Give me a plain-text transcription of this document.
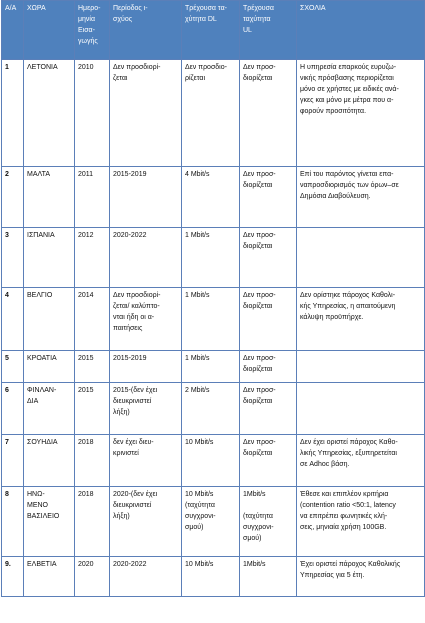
Α/Α	ΧΩΡΑ	Ημερο-
μηνία
Εισα-
γωγής	Περίοδος ι-
σχύος	Τρέχουσα τα-
χύτητα DL	Τρέχουσα
ταχύτητα
UL	ΣΧΟΛΙΑ
1	ΛΕΤΟΝΙΑ	2010	Δεν προσδιορί-
ζεται	Δεν προσδιο-
ρίζεται	Δεν προσ-
διορίζεται	Η υπηρεσία επαρκούς ευρυζω-
νικής πρόσβασης περιορίζεται
μόνο σε χρήστες με ειδικές ανά-
γκες και μόνο με μέτρα που α-
φορούν προσιτότητα.
2	ΜΑΛΤΑ	2011	2015-2019	4 Mbit/s	Δεν προσ-
διορίζεται	Επί του παρόντος γίνεται επα-
ναπροσδιορισμός των όρων–σε
Δημόσια Διαβούλευση.
3	ΙΣΠΑΝΙΑ	2012	2020-2022	1 Mbit/s	Δεν προσ-
διορίζεται	
4	ΒΕΛΓΙΟ	2014	Δεν προσδιορί-
ζεται/ καλύπτο-
νται ήδη οι α-
παιτήσεις	1 Mbit/s	Δεν προσ-
διορίζεται	Δεν ορίστηκε πάροχος Καθολι-
κής Υπηρεσίας, η απαιτούμενη
κάλυψη προϋπήρχε.
5	ΚΡΟΑΤΙΑ	2015	2015-2019	1 Mbit/s	Δεν προσ-
διορίζεται	
6	ΦΙΝΛΑΝ-
ΔΙΑ	2015	2015-(δεν έχει
διευκρινιστεί
λήξη)	2 Mbit/s	Δεν προσ-
διορίζεται	
7	ΣΟΥΗΔΙΑ	2018	δεν έχει διευ-
κρινιστεί	10 Mbit/s	Δεν προσ-
διορίζεται	Δεν έχει οριστεί πάροχος Καθο-
λικής Υπηρεσίας, εξυπηρετείται
σε Adhoc βάση.
8	ΗΝΩ-
ΜΕΝΟ
ΒΑΣΙΛΕΙΟ	2018	2020-(δεν έχει
διευκρινιστεί
λήξη)	10 Mbit/s
(ταχύτητα
συγχρονι-
σμού)	1Mbit/s

(ταχύτητα
συγχρονι-
σμού)	Έθεσε και επιπλέον κριτήρια
(contention ratio <50:1, latency
να επιτρέπει φωνητικές κλή-
σεις, μηνιαία χρήση 100GB.
9.	ΕΛΒΕΤΙΑ	2020	2020-2022	10 Mbit/s	1Mbit/s	Έχει οριστεί πάροχος Καθολικής
Υπηρεσίας για 5 έτη.
